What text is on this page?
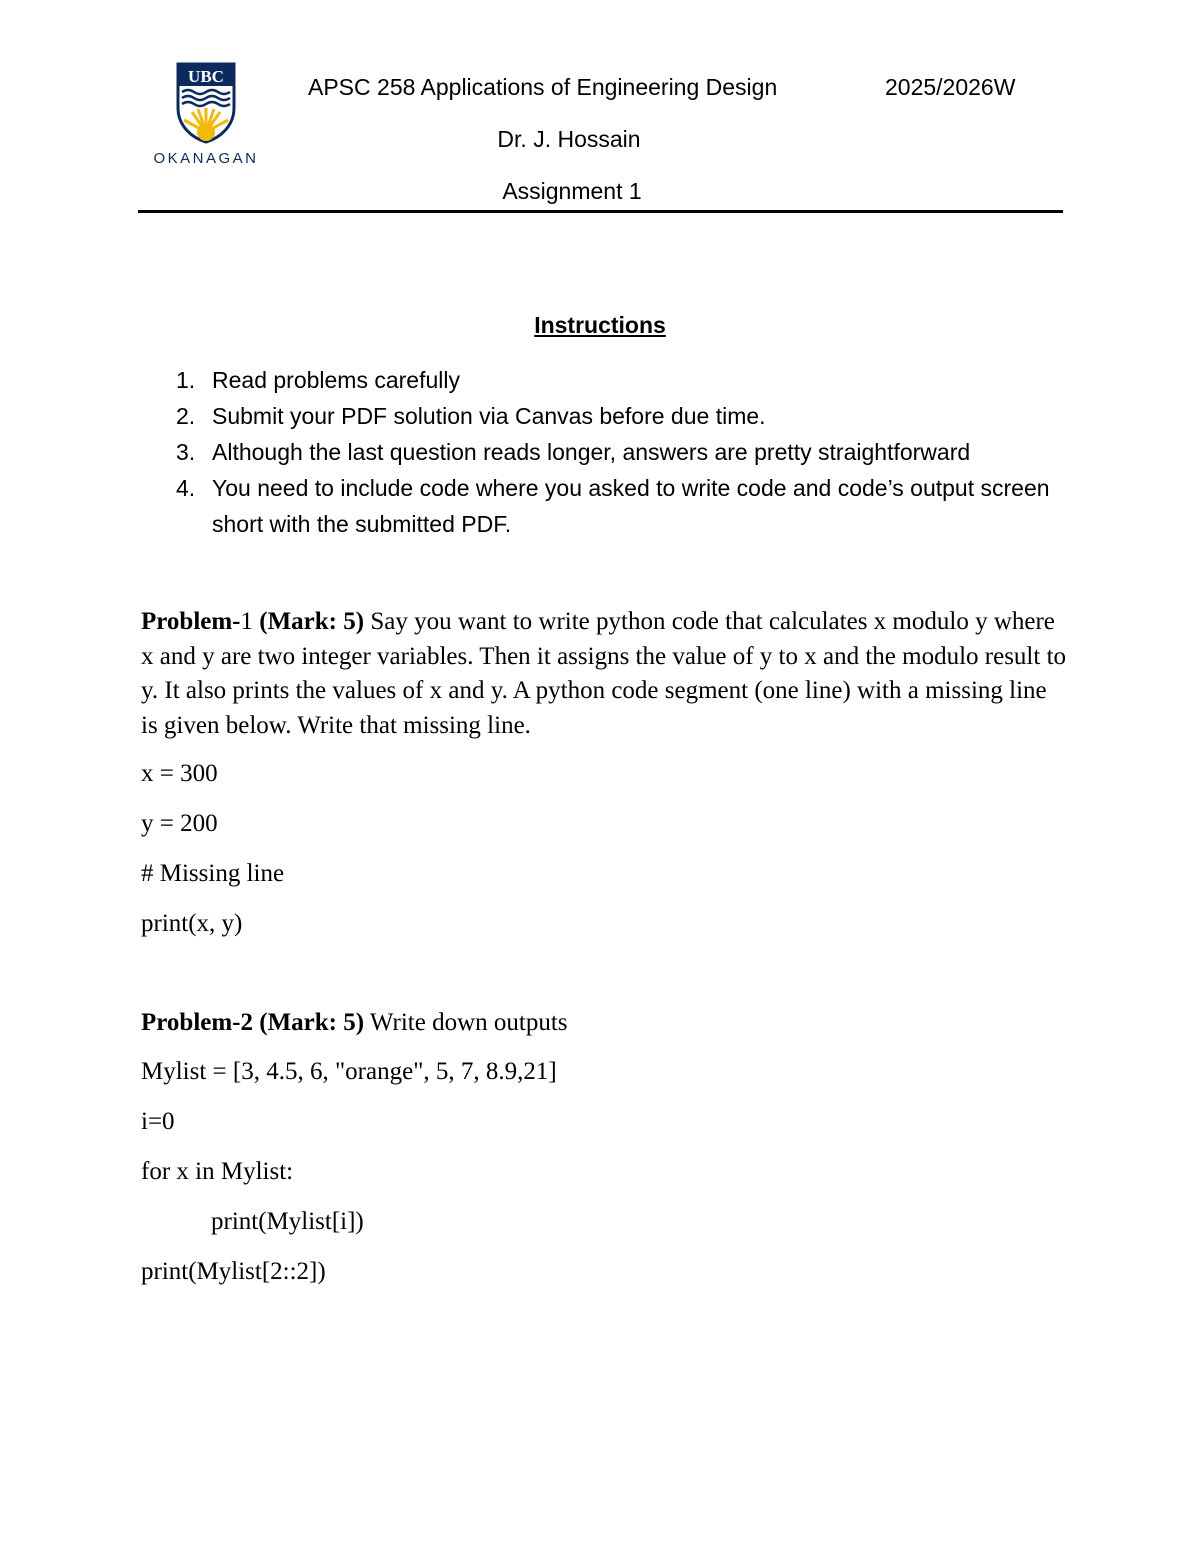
UBC
OKANAGAN
APSC 258 Applications of Engineering Design	2025/2026W
Dr. J. Hossain
Assignment 1
Instructions
1. Read problems carefully
2. Submit your PDF solution via Canvas before due time.
3. Although the last question reads longer, answers are pretty straightforward
4. You need to include code where you asked to write code and code’s output screen short with the submitted PDF.
Problem-1 (Mark: 5) Say you want to write python code that calculates x modulo y where x and y are two integer variables. Then it assigns the value of y to x and the modulo result to y. It also prints the values of x and y. A python code segment (one line) with a missing line is given below. Write that missing line.
x = 300
y = 200
# Missing line
print(x, y)
Problem-2 (Mark: 5) Write down outputs
Mylist = [3, 4.5, 6, "orange", 5, 7, 8.9,21]
i=0
for x in Mylist:
print(Mylist[i])
print(Mylist[2::2])
